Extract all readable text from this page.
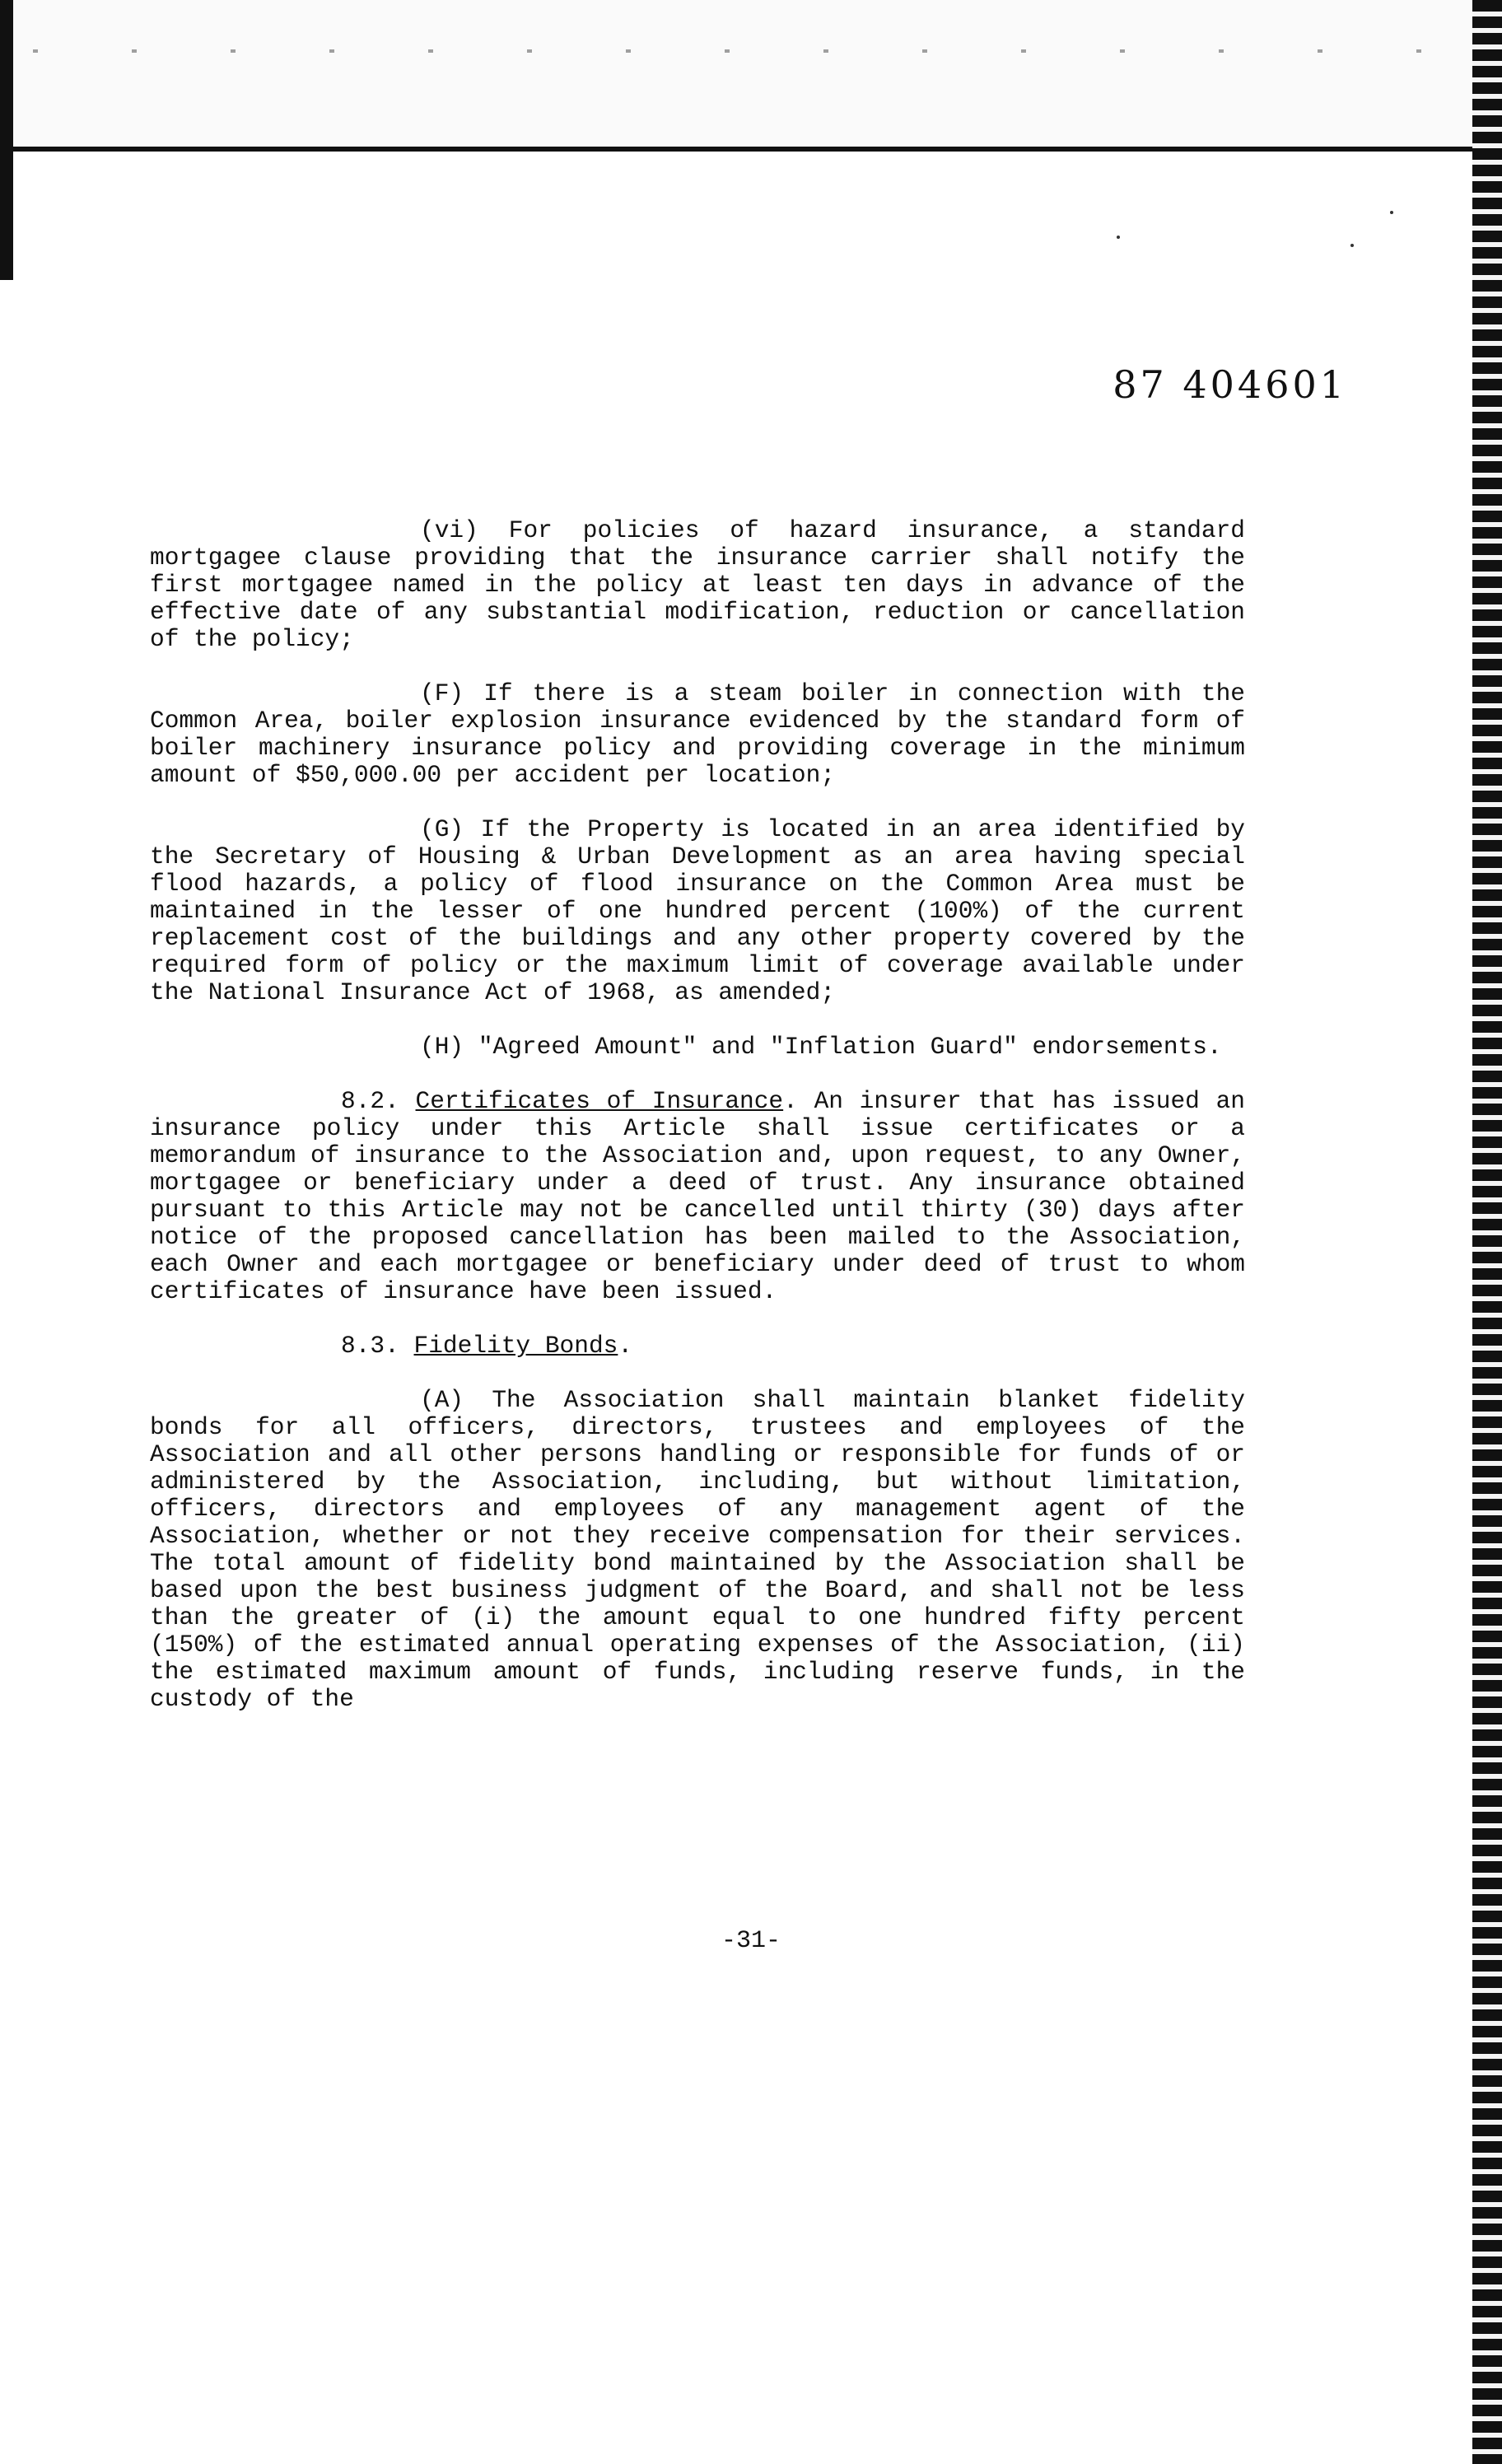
87 404601

(vi) For policies of hazard insurance, a standard mortgagee clause providing that the insurance carrier shall notify the first mortgagee named in the policy at least ten days in advance of the effective date of any substantial modification, reduction or cancellation of the policy;

(F) If there is a steam boiler in connection with the Common Area, boiler explosion insurance evidenced by the standard form of boiler machinery insurance policy and providing coverage in the minimum amount of $50,000.00 per accident per location;

(G) If the Property is located in an area identified by the Secretary of Housing & Urban Development as an area having special flood hazards, a policy of flood insurance on the Common Area must be maintained in the lesser of one hundred percent (100%) of the current replacement cost of the buildings and any other property covered by the required form of policy or the maximum limit of coverage available under the National Insurance Act of 1968, as amended;

(H) "Agreed Amount" and "Inflation Guard" endorsements.

8.2. Certificates of Insurance. An insurer that has issued an insurance policy under this Article shall issue certificates or a memorandum of insurance to the Association and, upon request, to any Owner, mortgagee or beneficiary under a deed of trust. Any insurance obtained pursuant to this Article may not be cancelled until thirty (30) days after notice of the proposed cancellation has been mailed to the Association, each Owner and each mortgagee or beneficiary under deed of trust to whom certificates of insurance have been issued.

8.3. Fidelity Bonds.

(A) The Association shall maintain blanket fidelity bonds for all officers, directors, trustees and employees of the Association and all other persons handling or responsible for funds of or administered by the Association, including, but without limitation, officers, directors and employees of any management agent of the Association, whether or not they receive compensation for their services. The total amount of fidelity bond maintained by the Association shall be based upon the best business judgment of the Board, and shall not be less than the greater of (i) the amount equal to one hundred fifty percent (150%) of the estimated annual operating expenses of the Association, (ii) the estimated maximum amount of funds, including reserve funds, in the custody of the

-31-
